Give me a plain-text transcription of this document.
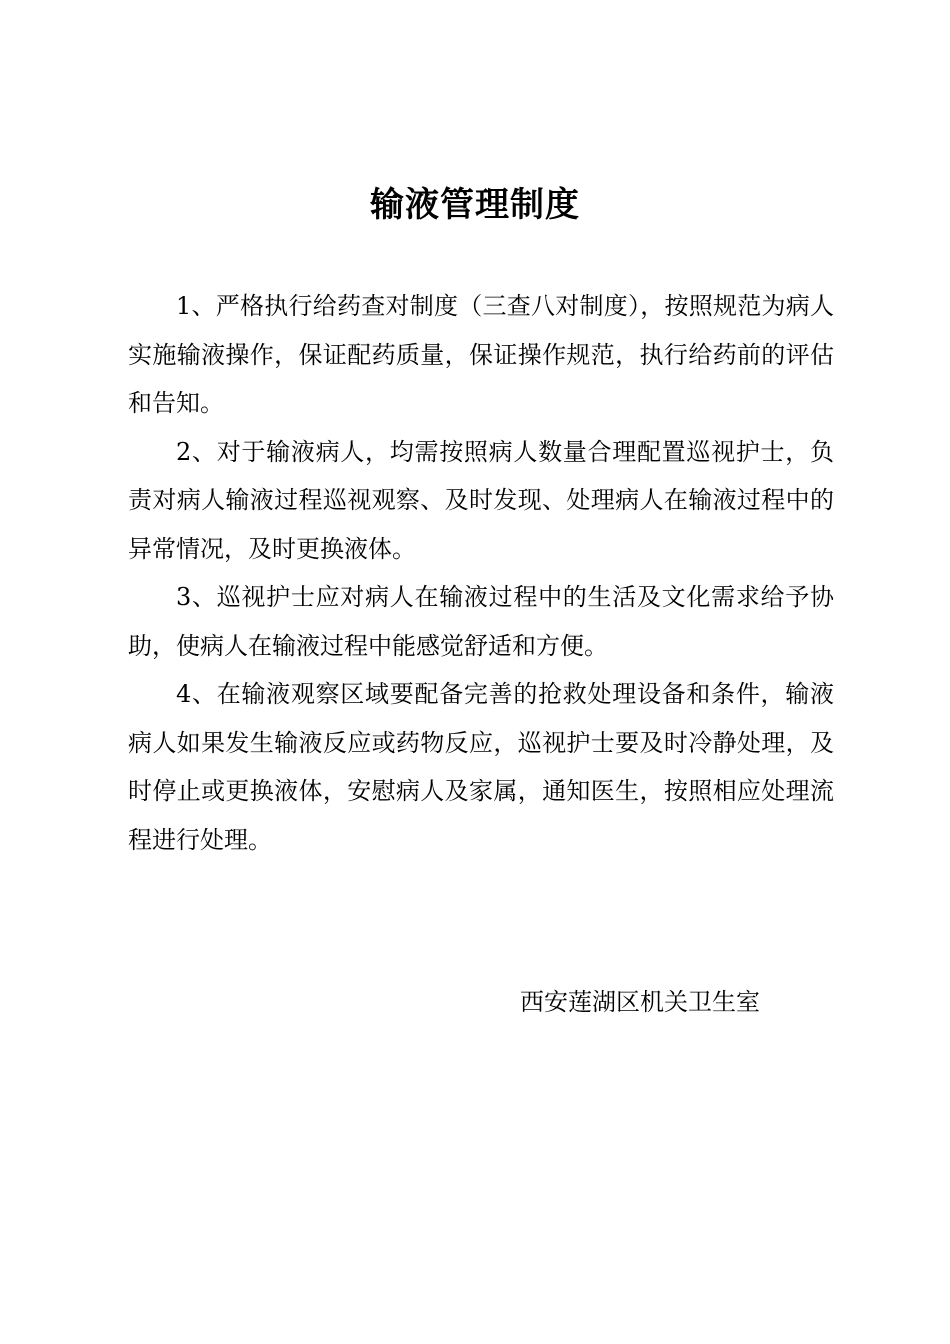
输液管理制度

1、严格执行给药查对制度（三查八对制度），按照规范为病人实施输液操作，保证配药质量，保证操作规范，执行给药前的评估和告知。

2、对于输液病人，均需按照病人数量合理配置巡视护士，负责对病人输液过程巡视观察、及时发现、处理病人在输液过程中的异常情况，及时更换液体。

3、巡视护士应对病人在输液过程中的生活及文化需求给予协助，使病人在输液过程中能感觉舒适和方便。

4、在输液观察区域要配备完善的抢救处理设备和条件，输液病人如果发生输液反应或药物反应，巡视护士要及时冷静处理，及时停止或更换液体，安慰病人及家属，通知医生，按照相应处理流程进行处理。

西安莲湖区机关卫生室
